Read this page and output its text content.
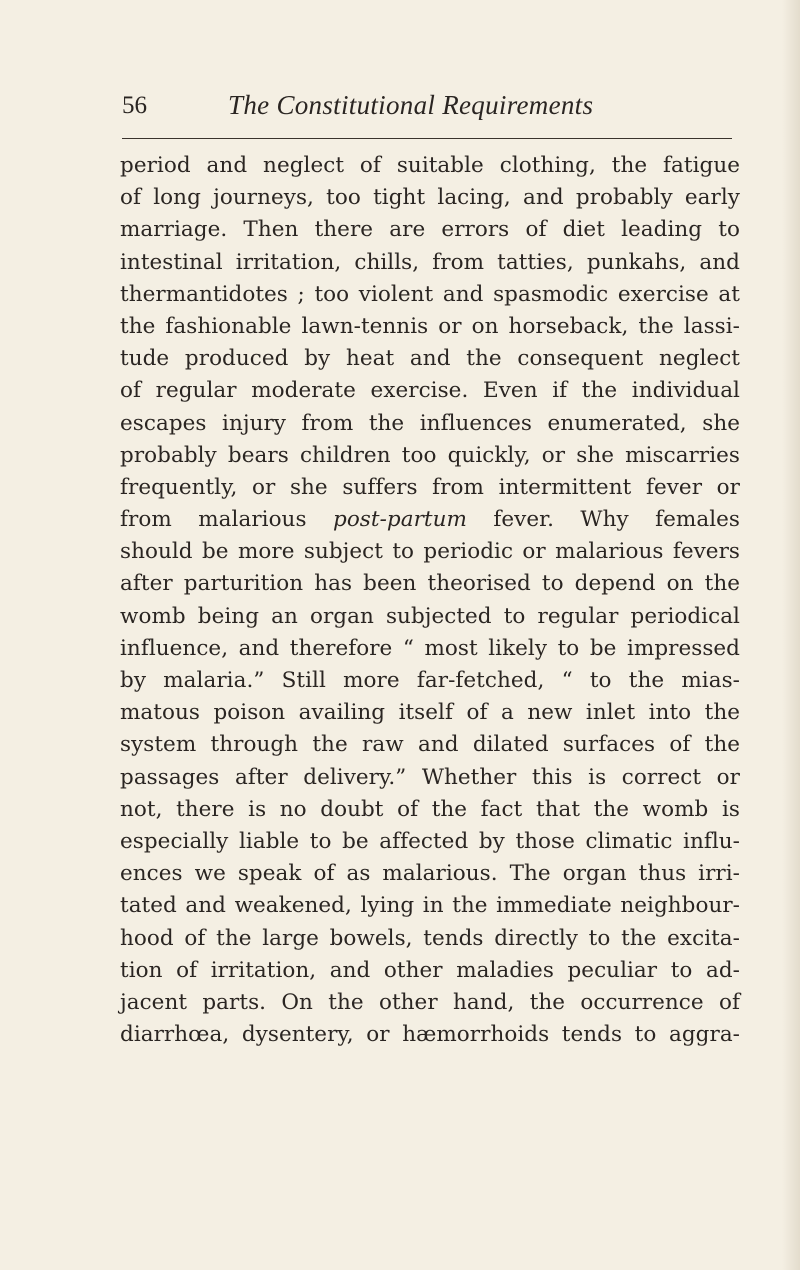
56	The Constitutional Requirements
period and neglect of suitable clothing, the fatigue
of long journeys, too tight lacing, and probably early
marriage. Then there are errors of diet leading to
intestinal irritation, chills, from tatties, punkahs, and
thermantidotes ; too violent and spasmodic exercise at
the fashionable lawn-tennis or on horseback, the lassi-
tude produced by heat and the consequent neglect
of regular moderate exercise. Even if the individual
escapes injury from the influences enumerated, she
probably bears children too quickly, or she miscarries
frequently, or she suffers from intermittent fever or
from malarious post-partum fever. Why females
should be more subject to periodic or malarious fevers
after parturition has been theorised to depend on the
womb being an organ subjected to regular periodical
influence, and therefore “ most likely to be impressed
by malaria.” Still more far-fetched, “ to the mias-
matous poison availing itself of a new inlet into the
system through the raw and dilated surfaces of the
passages after delivery.” Whether this is correct or
not, there is no doubt of the fact that the womb is
especially liable to be affected by those climatic influ-
ences we speak of as malarious. The organ thus irri-
tated and weakened, lying in the immediate neighbour-
hood of the large bowels, tends directly to the excita-
tion of irritation, and other maladies peculiar to ad-
jacent parts. On the other hand, the occurrence of
diarrhœa, dysentery, or hæmorrhoids tends to aggra-
